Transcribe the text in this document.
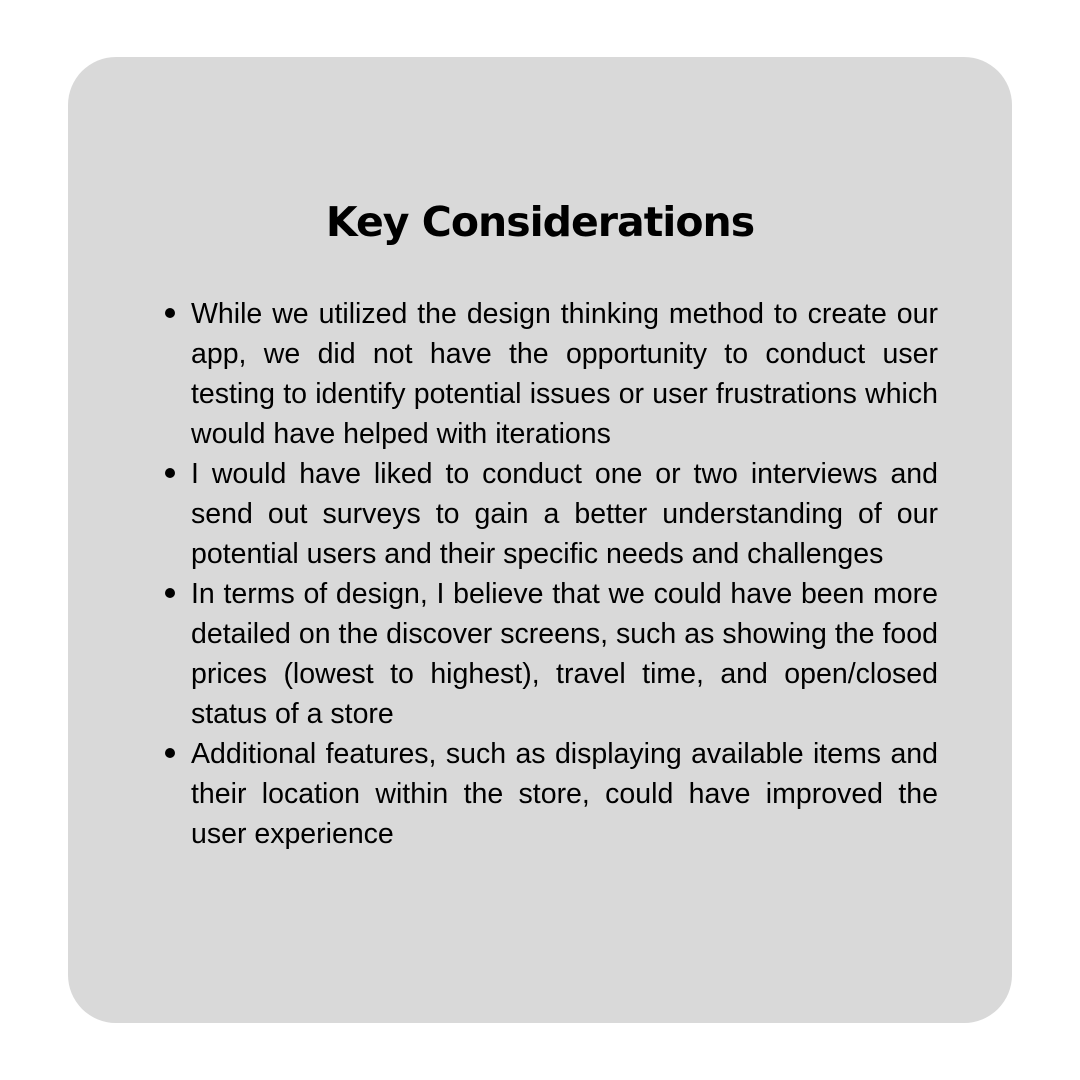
Key Considerations
While we utilized the design thinking method to create our app, we did not have the opportunity to conduct user testing to identify potential issues or user frustrations which would have helped with iterations
I would have liked to conduct one or two interviews and send out surveys to gain a better understanding of our potential users and their specific needs and challenges
In terms of design, I believe that we could have been more detailed on the discover screens, such as showing the food prices (lowest to highest), travel time, and open/closed status of a store
Additional features, such as displaying available items and their location within the store, could have improved the user experience
